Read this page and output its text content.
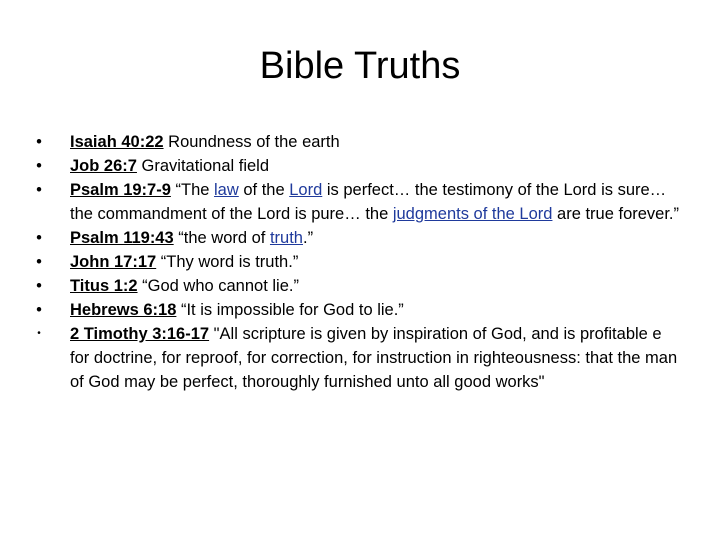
Bible Truths
•	Isaiah 40:22 Roundness of the earth
•	Job 26:7 Gravitational field
•	Psalm 19:7-9 “The law of the Lord is perfect… the testimony of the Lord is sure… the commandment of the Lord is pure… the judgments of the Lord are true forever.”
•	Psalm 119:43 “the word of truth.”
•	John 17:17 “Thy word is truth.”
•	Titus 1:2 “God who cannot lie.”
•	Hebrews 6:18 “It is impossible for God to lie.”
•	2 Timothy 3:16-17 "All scripture is given by inspiration of God, and is profitable e for doctrine, for reproof, for correction, for instruction in righteousness: that the man of God may be perfect, thoroughly furnished unto all good works"
